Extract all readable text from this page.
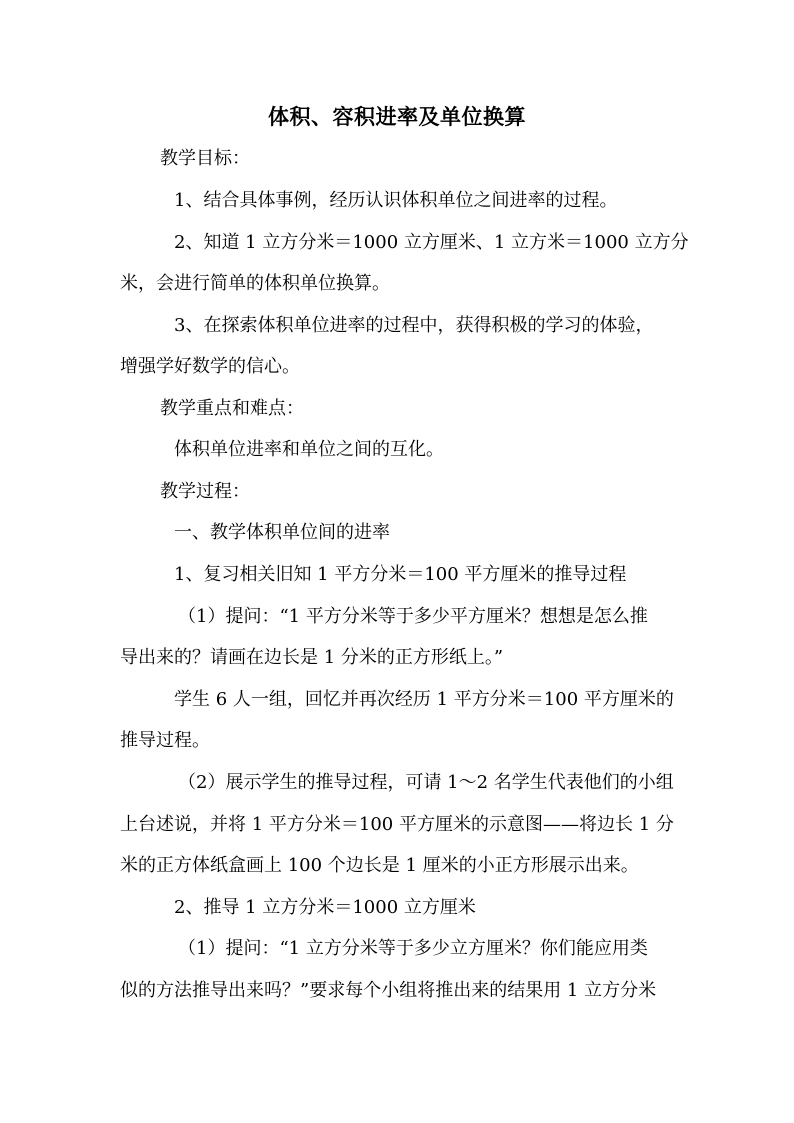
体积、容积进率及单位换算
教学目标：
1、结合具体事例，经历认识体积单位之间进率的过程。
2、知道 1 立方分米＝1000 立方厘米、1 立方米＝1000 立方分
米，会进行简单的体积单位换算。
3、在探索体积单位进率的过程中，获得积极的学习的体验，
增强学好数学的信心。
教学重点和难点：
体积单位进率和单位之间的互化。
教学过程：
一、教学体积单位间的进率
1、复习相关旧知 1 平方分米＝100 平方厘米的推导过程
（1）提问：“1 平方分米等于多少平方厘米？想想是怎么推
导出来的？请画在边长是 1 分米的正方形纸上。”
学生 6 人一组，回忆并再次经历 1 平方分米＝100 平方厘米的
推导过程。
（2）展示学生的推导过程，可请 1～2 名学生代表他们的小组
上台述说，并将 1 平方分米＝100 平方厘米的示意图——将边长 1 分
米的正方体纸盒画上 100 个边长是 1 厘米的小正方形展示出来。
2、推导 1 立方分米＝1000 立方厘米
（1）提问：“1 立方分米等于多少立方厘米？你们能应用类
似的方法推导出来吗？”要求每个小组将推出来的结果用 1 立方分米
